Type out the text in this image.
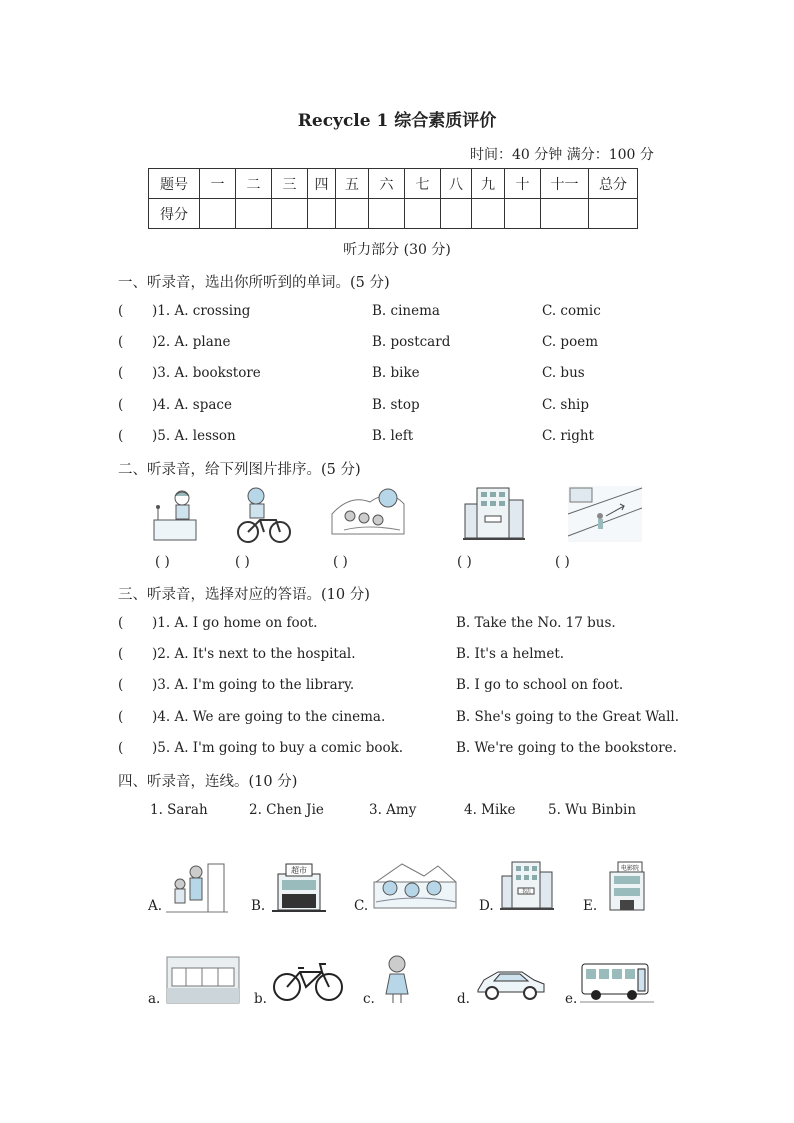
Recycle 1 综合素质评价
时间：40 分钟 满分：100 分
题号	一	二	三	四	五	六	七	八	九	十	十一	总分
得分												
听力部分 (30 分)
一、听录音，选出你所听到的单词。(5 分)
( )1. A. crossing	B. cinema	C. comic
( )2. A. plane	B. postcard	C. poem
( )3. A. bookstore	B. bike	C. bus
( )4. A. space	B. stop	C. ship
( )5. A. lesson	B. left	C. right
二、听录音，给下列图片排序。(5 分)
( )	( )	( )	( )	( )
三、听录音，选择对应的答语。(10 分)
( )1. A. I go home on foot.	B. Take the No. 17 bus.
( )2. A. It's next to the hospital.	B. It's a helmet.
( )3. A. I'm going to the library.	B. I go to school on foot.
( )4. A. We are going to the cinema.	B. She's going to the Great Wall.
( )5. A. I'm going to buy a comic book.	B. We're going to the bookstore.
四、听录音，连线。(10 分)
1. Sarah	2. Chen Jie	3. Amy	4. Mike 5. Wu Binbin
A.	B.
超市
C.	D.
书店
E.
电影院
a.	b.	c.	d.	e.
